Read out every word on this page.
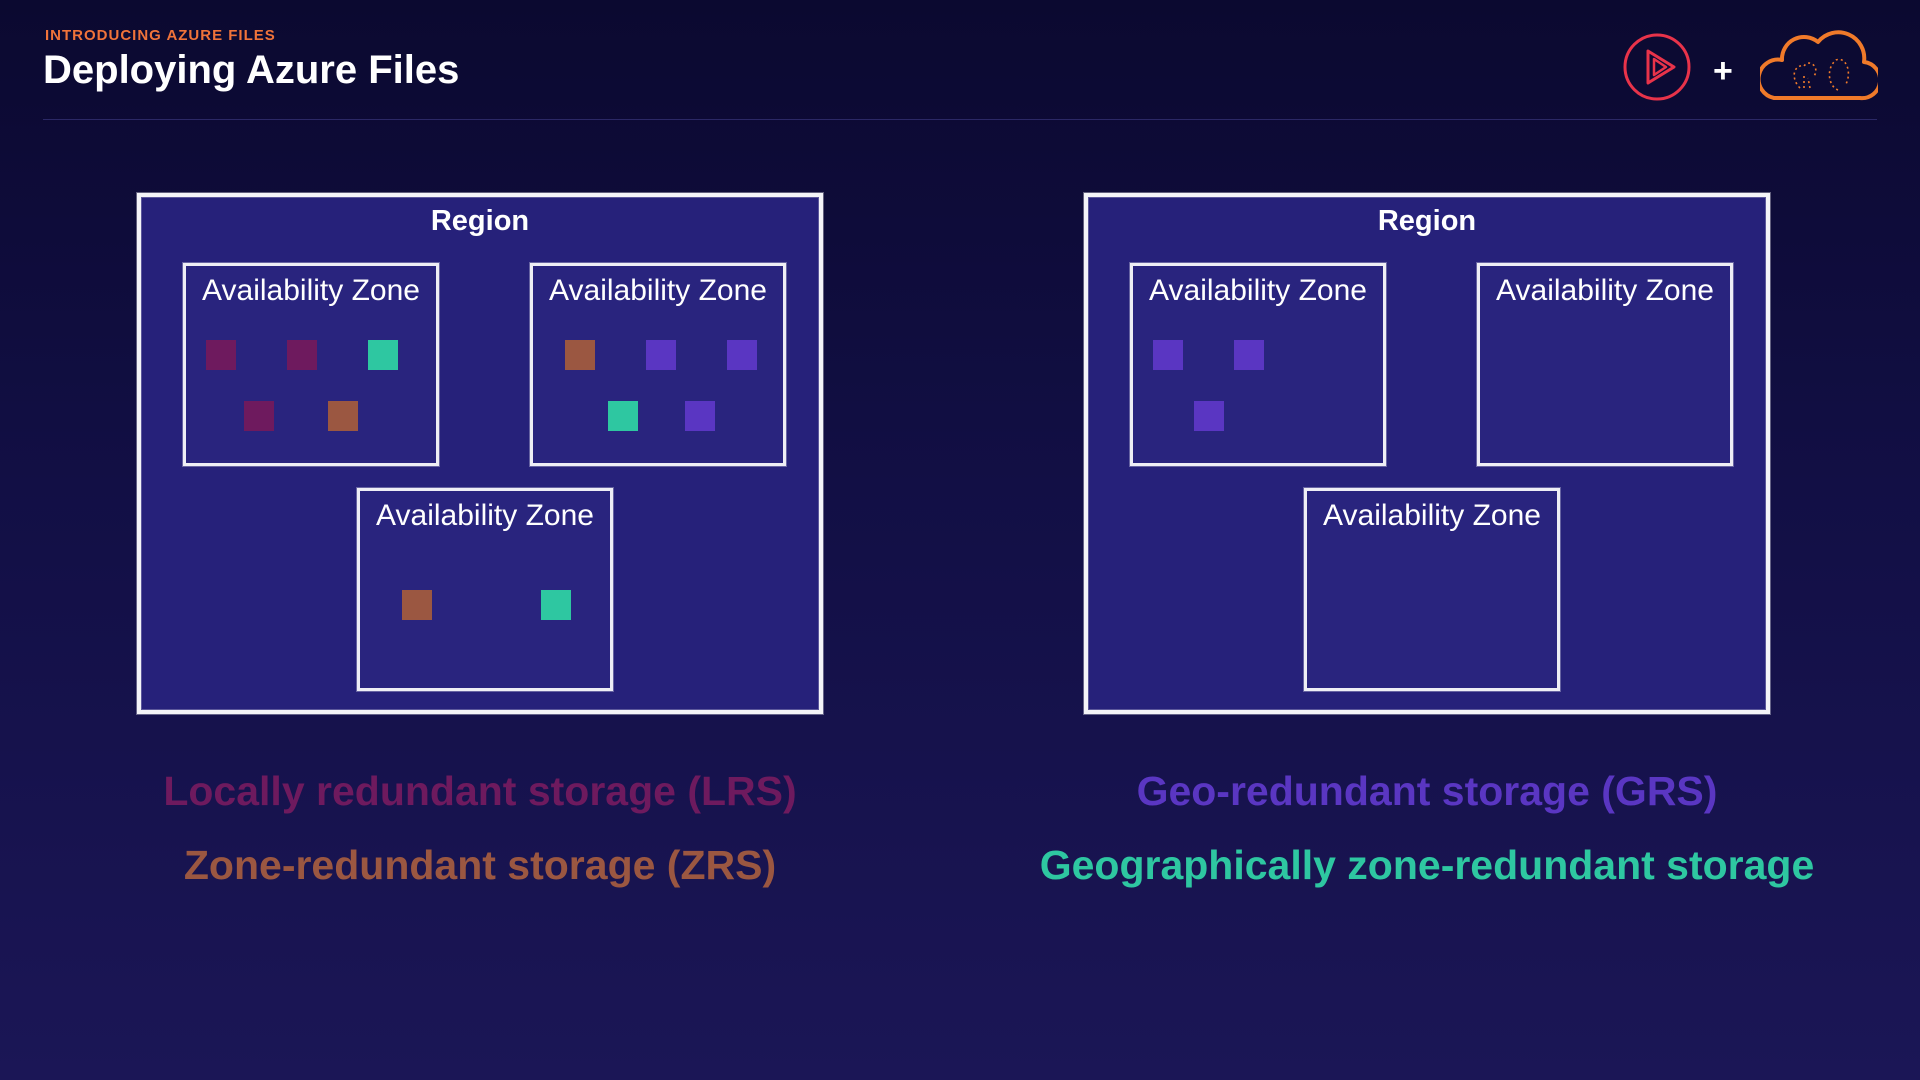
INTRODUCING AZURE FILES
Deploying Azure Files	+
Region
Availability Zone	Availability Zone
Availability Zone
Region
Availability Zone	Availability Zone
Availability Zone
Locally redundant storage (LRS)
Zone-redundant storage (ZRS)
Geo-redundant storage (GRS)
Geographically zone-redundant storage
